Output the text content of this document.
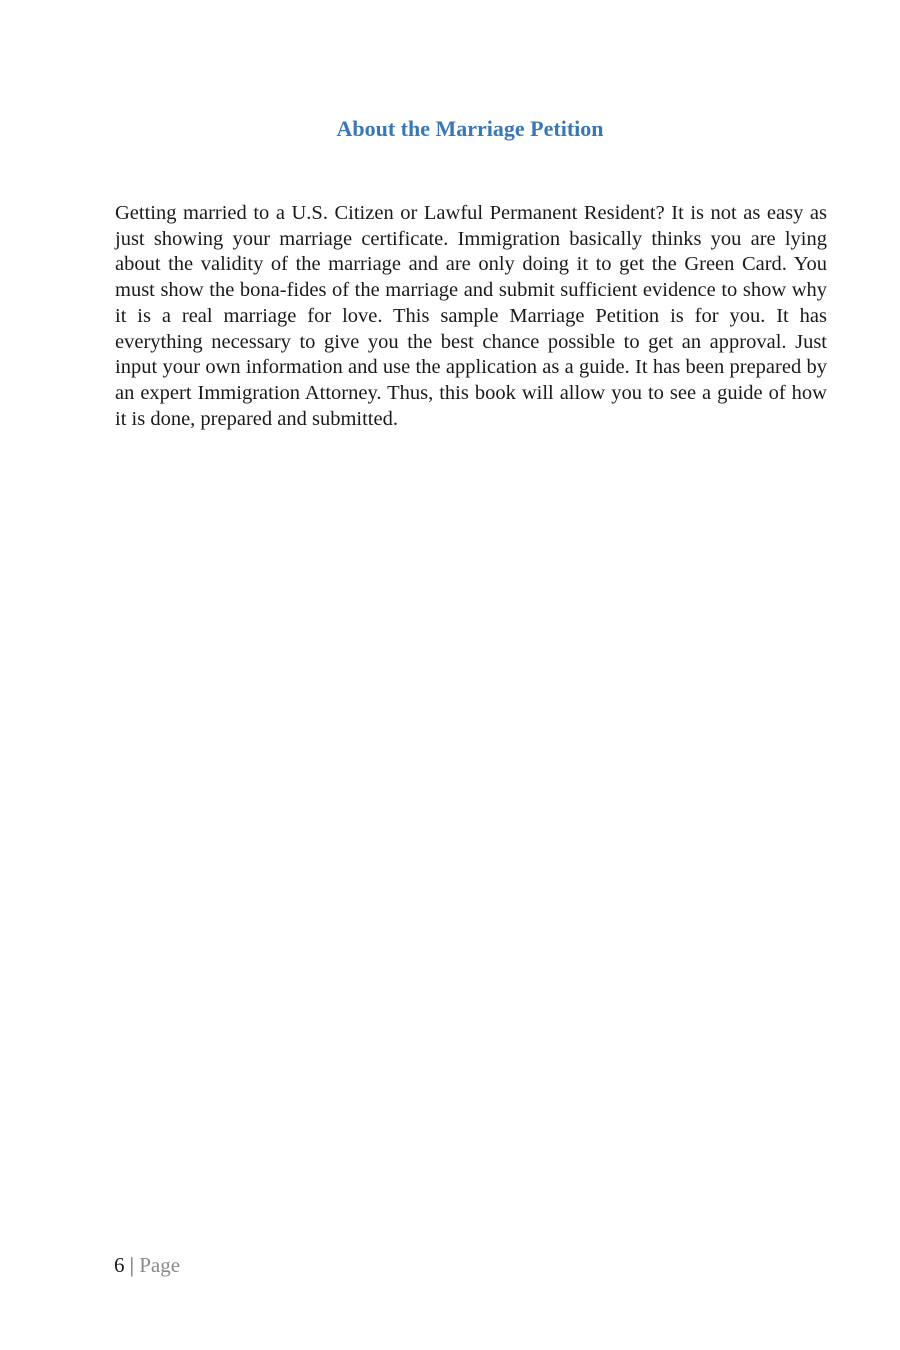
About the Marriage Petition

Getting married to a U.S. Citizen or Lawful Permanent Resident? It is not as easy as just showing your marriage certificate. Immigration basically thinks you are lying about the validity of the marriage and are only doing it to get the Green Card. You must show the bona-fides of the marriage and submit sufficient evidence to show why it is a real marriage for love. This sample Marriage Petition is for you. It has everything necessary to give you the best chance possible to get an approval. Just input your own information and use the application as a guide. It has been prepared by an expert Immigration Attorney. Thus, this book will allow you to see a guide of how it is done, prepared and submitted.

6 | Page
